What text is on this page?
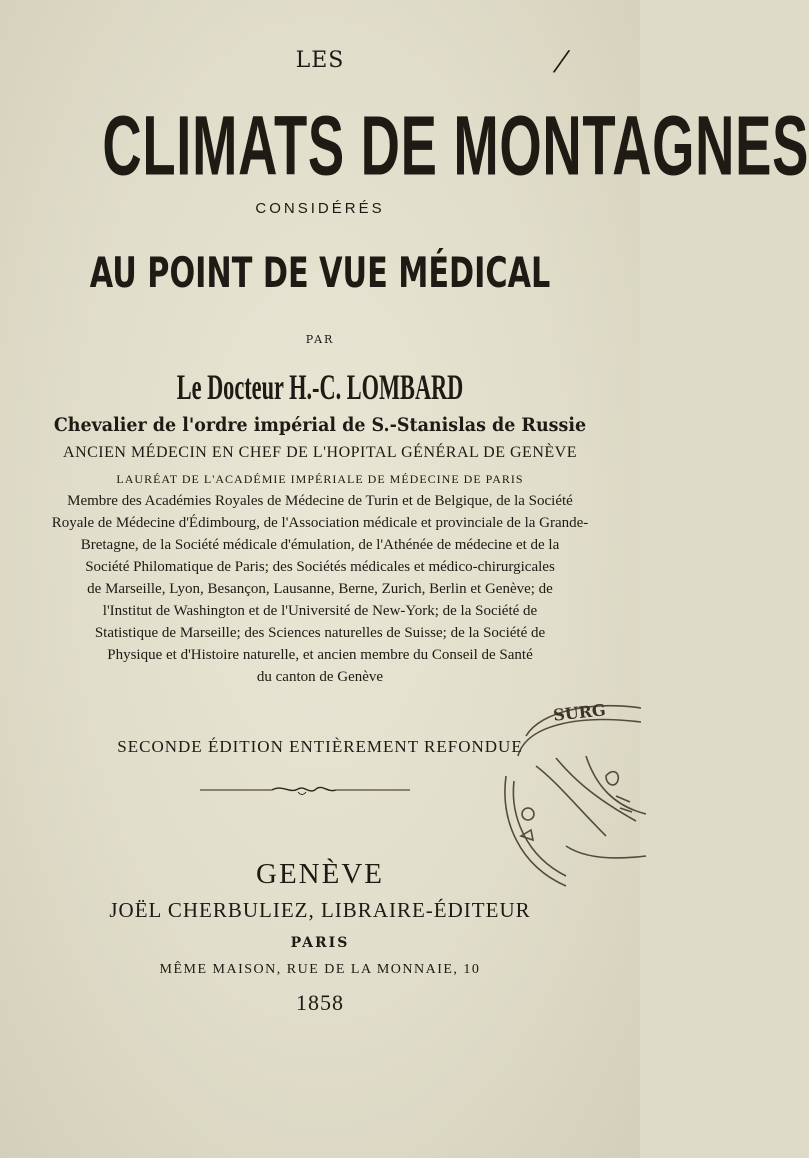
LES	/
CLIMATS DE MONTAGNES
CONSIDÉRÉS
AU POINT DE VUE MÉDICAL
PAR
Le Docteur H.-C. LOMBARD
Chevalier de l'ordre impérial de S.-Stanislas de Russie
ANCIEN MÉDECIN EN CHEF DE L'HOPITAL GÉNÉRAL DE GENÈVE
LAURÉAT DE L'ACADÉMIE IMPÉRIALE DE MÉDECINE DE PARIS
Membre des Académies Royales de Médecine de Turin et de Belgique, de la Société
Royale de Médecine d'Édimbourg, de l'Association médicale et provinciale de la Grande-
Bretagne, de la Société médicale d'émulation, de l'Athénée de médecine et de la
Société Philomatique de Paris; des Sociétés médicales et médico-chirurgicales
de Marseille, Lyon, Besançon, Lausanne, Berne, Zurich, Berlin et Genève; de
l'Institut de Washington et de l'Université de New-York; de la Société de
Statistique de Marseille; des Sciences naturelles de Suisse; de la Société de
Physique et d'Histoire naturelle, et ancien membre du Conseil de Santé
du canton de Genève
SECONDE ÉDITION ENTIÈREMENT REFONDUE
GENÈVE
JOËL CHERBULIEZ, LIBRAIRE-ÉDITEUR
PARIS
MÊME MAISON, RUE DE LA MONNAIE, 10
1858
SURG
